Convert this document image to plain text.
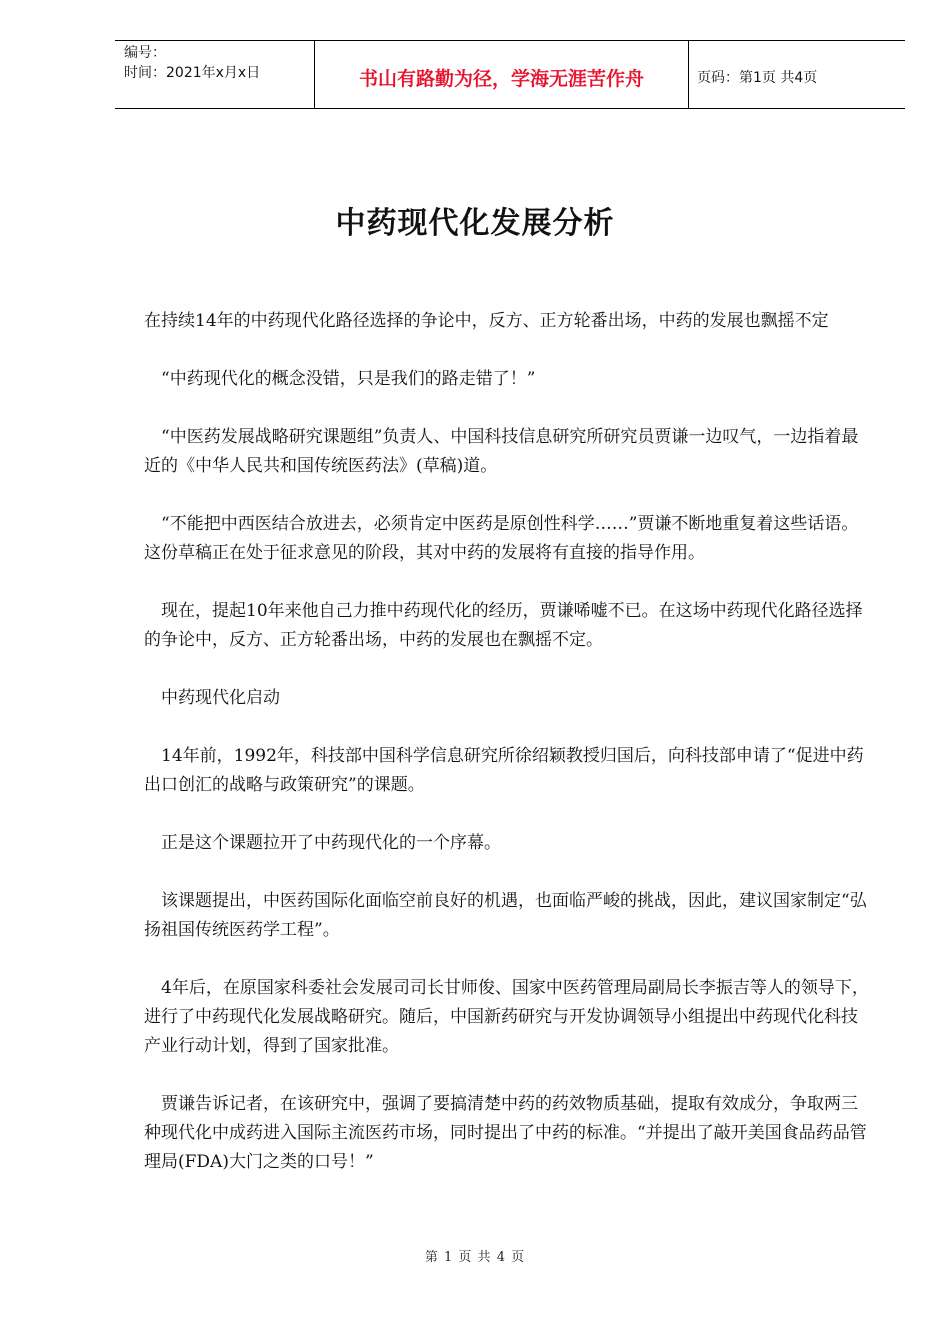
编号：
时间：2021年x月x日	书山有路勤为径，学海无涯苦作舟	页码：第1页 共4页
中药现代化发展分析

在持续14年的中药现代化路径选择的争论中，反方、正方轮番出场，中药的发展也飘摇不定

“中药现代化的概念没错，只是我们的路走错了！”

“中医药发展战略研究课题组”负责人、中国科技信息研究所研究员贾谦一边叹气，一边指着最近的《中华人民共和国传统医药法》(草稿)道。

“不能把中西医结合放进去，必须肯定中医药是原创性科学……”贾谦不断地重复着这些话语。这份草稿正在处于征求意见的阶段，其对中药的发展将有直接的指导作用。

现在，提起10年来他自己力推中药现代化的经历，贾谦唏嘘不已。在这场中药现代化路径选择的争论中，反方、正方轮番出场，中药的发展也在飘摇不定。

中药现代化启动

14年前，1992年，科技部中国科学信息研究所徐绍颖教授归国后，向科技部申请了“促进中药出口创汇的战略与政策研究”的课题。

正是这个课题拉开了中药现代化的一个序幕。

该课题提出，中医药国际化面临空前良好的机遇，也面临严峻的挑战，因此，建议国家制定“弘扬祖国传统医药学工程”。

4年后，在原国家科委社会发展司司长甘师俊、国家中医药管理局副局长李振吉等人的领导下，进行了中药现代化发展战略研究。随后，中国新药研究与开发协调领导小组提出中药现代化科技产业行动计划，得到了国家批准。

贾谦告诉记者，在该研究中，强调了要搞清楚中药的药效物质基础，提取有效成分，争取两三种现代化中成药进入国际主流医药市场，同时提出了中药的标准。“并提出了敲开美国食品药品管理局(FDA)大门之类的口号！”

第 1 页 共 4 页
